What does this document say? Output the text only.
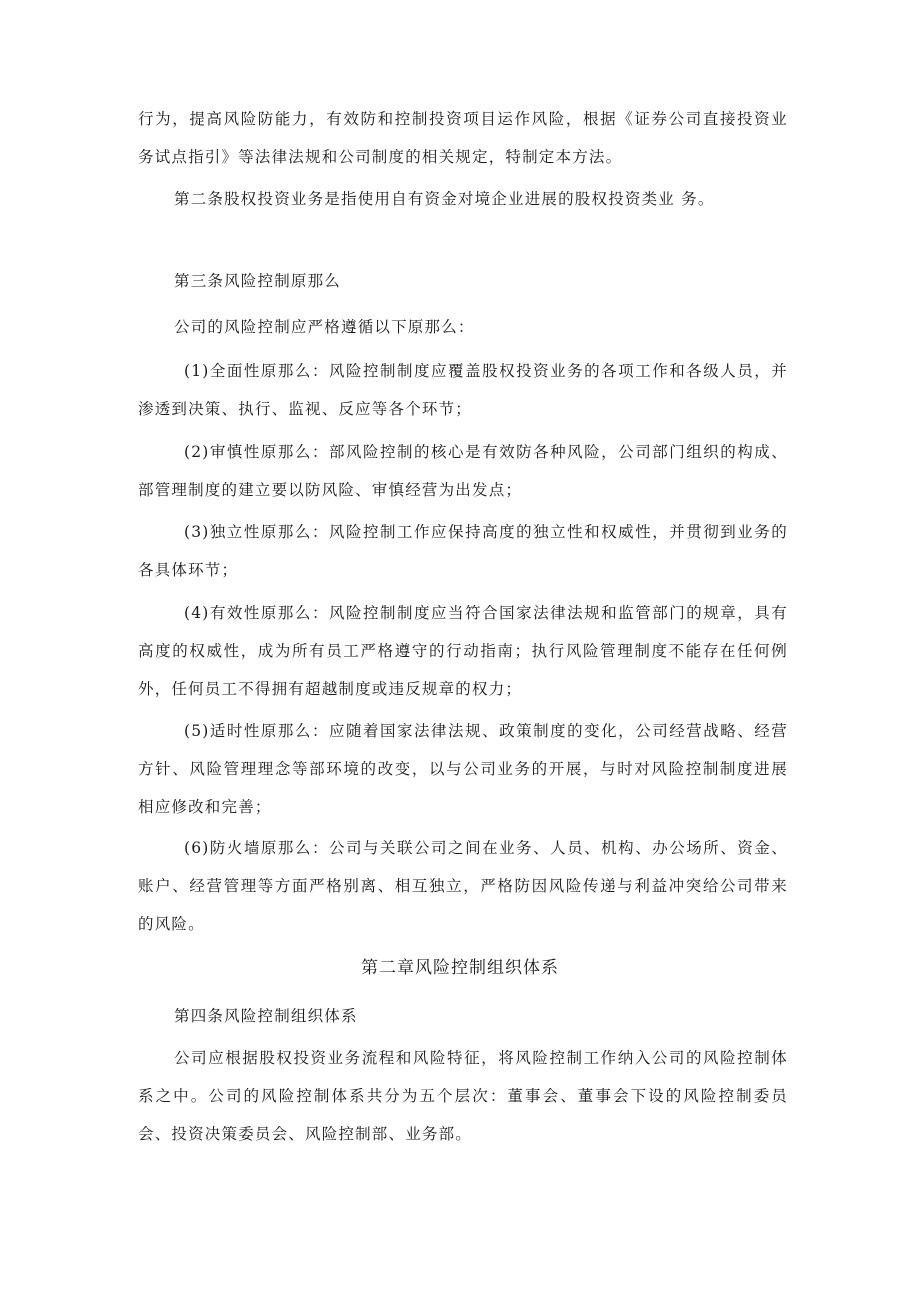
行为，提高风险防能力，有效防和控制投资项目运作风险，根据《证券公司直接投资业 务试点指引》等法律法规和公司制度的相关规定，特制定本方法。
第二条股权投资业务是指使用自有资金对境企业进展的股权投资类业 务。
第三条风险控制原那么
公司的风险控制应严格遵循以下原那么：
(1)全面性原那么：风险控制制度应覆盖股权投资业务的各项工作和各级人员，并 渗透到决策、执行、监视、反应等各个环节；
(2)审慎性原那么：部风险控制的核心是有效防各种风险，公司部门组织的构成、 部管理制度的建立要以防风险、审慎经营为出发点；
(3)独立性原那么：风险控制工作应保持高度的独立性和权威性，并贯彻到业务的 各具体环节；
(4)有效性原那么：风险控制制度应当符合国家法律法规和监管部门的规章，具有 高度的权威性，成为所有员工严格遵守的行动指南；执行风险管理制度不能存在任何例 外，任何员工不得拥有超越制度或违反规章的权力；
(5)适时性原那么：应随着国家法律法规、政策制度的变化，公司经营战略、经营 方针、风险管理理念等部环境的改变，以与公司业务的开展，与时对风险控制制度进展 相应修改和完善；
(6)防火墙原那么：公司与关联公司之间在业务、人员、机构、办公场所、资金、 账户、经营管理等方面严格别离、相互独立，严格防因风险传递与利益冲突给公司带来 的风险。
第二章风险控制组织体系
第四条风险控制组织体系
公司应根据股权投资业务流程和风险特征，将风险控制工作纳入公司的风险控制体 系之中。公司的风险控制体系共分为五个层次：董事会、董事会下设的风险控制委员 会、投资决策委员会、风险控制部、业务部。
